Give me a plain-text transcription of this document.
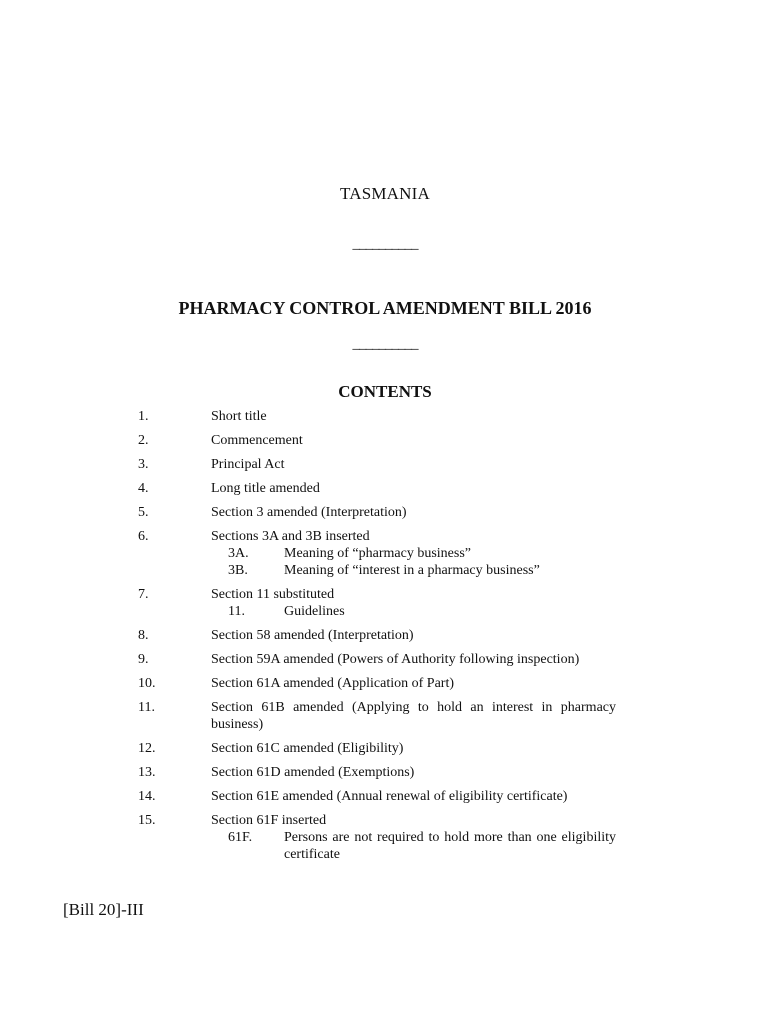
TASMANIA
__________
PHARMACY CONTROL AMENDMENT BILL 2016
__________
CONTENTS
1.	Short title
2.	Commencement
3.	Principal Act
4.	Long title amended
5.	Section 3 amended (Interpretation)
6.	Sections 3A and 3B inserted
3A.	Meaning of “pharmacy business”
3B.	Meaning of “interest in a pharmacy business”
7.	Section 11 substituted
11.	Guidelines
8.	Section 58 amended (Interpretation)
9.	Section 59A amended (Powers of Authority following inspection)
10.	Section 61A amended (Application of Part)
11.	Section 61B amended (Applying to hold an interest in pharmacy business)
12.	Section 61C amended (Eligibility)
13.	Section 61D amended (Exemptions)
14.	Section 61E amended (Annual renewal of eligibility certificate)
15.	Section 61F inserted
61F. Persons are not required to hold more than one eligibility certificate
[Bill 20]-III
